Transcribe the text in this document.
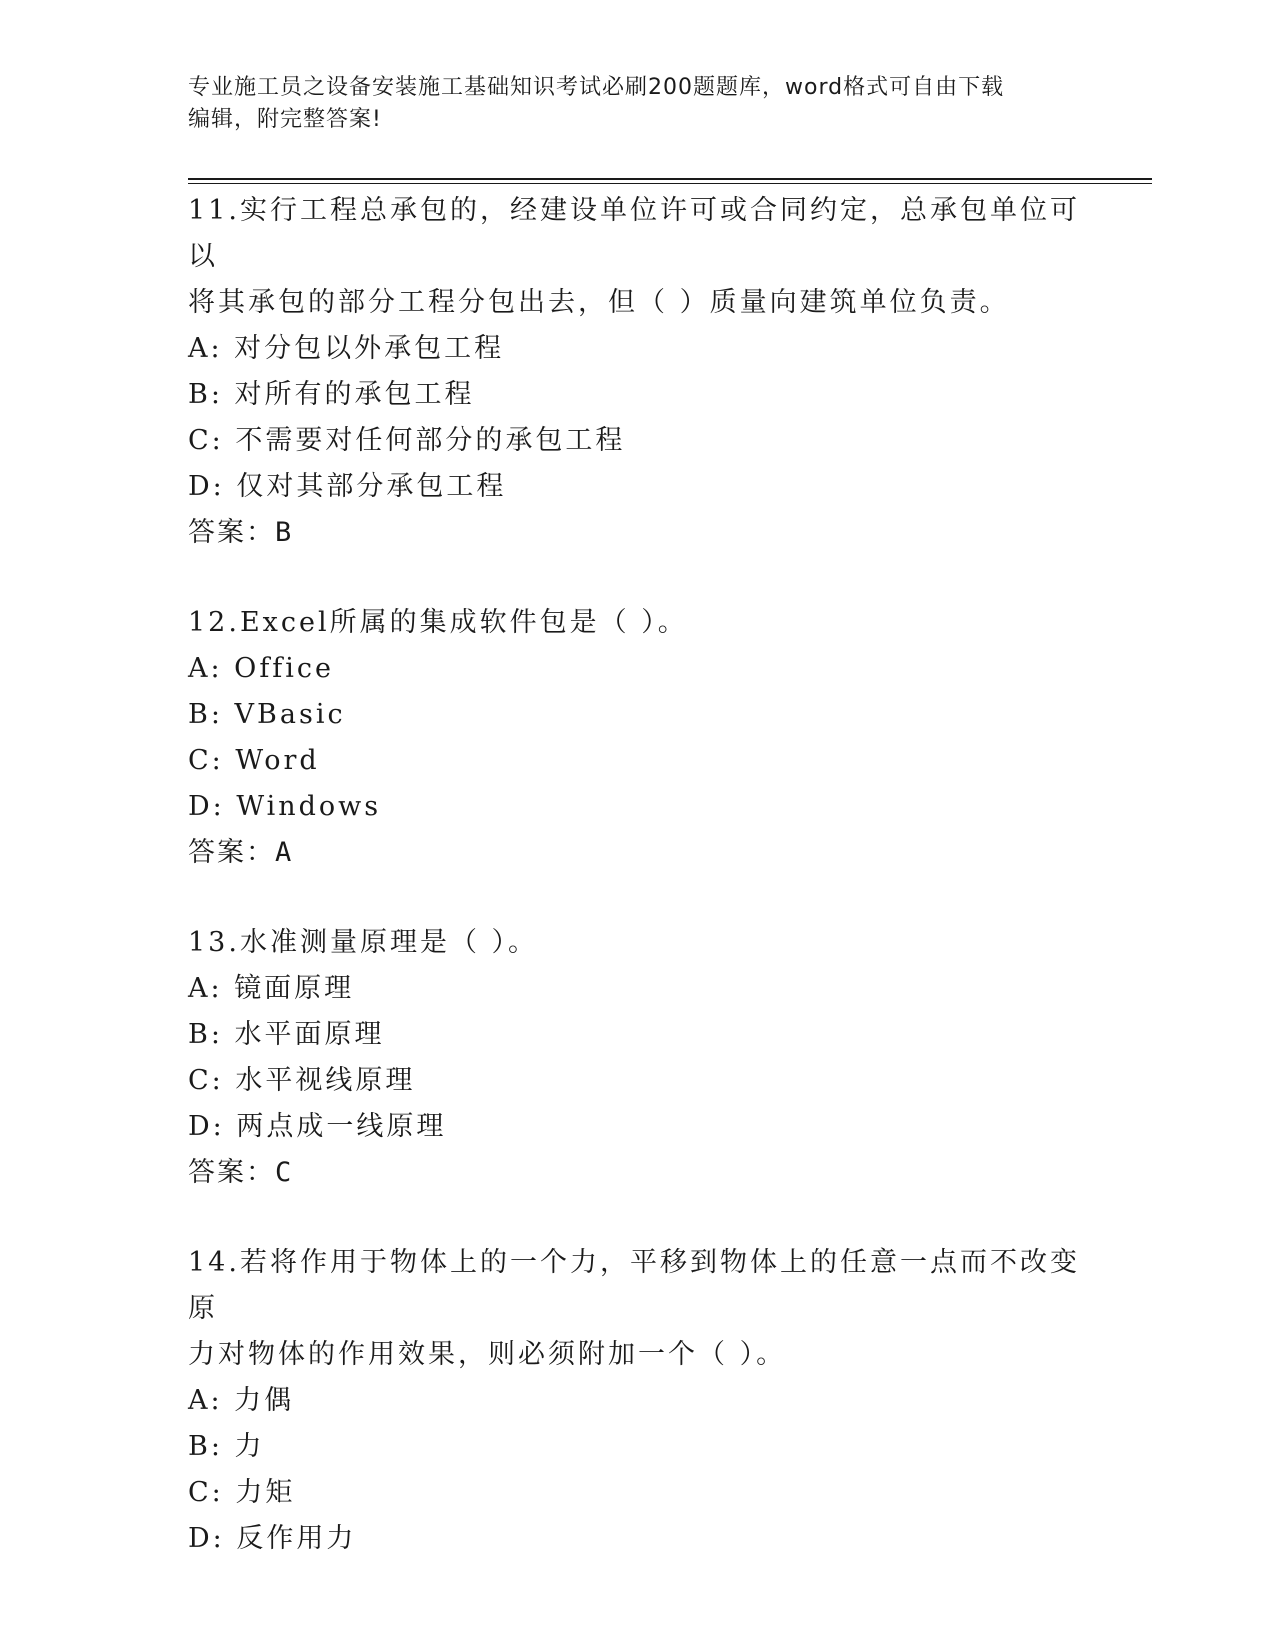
专业施工员之设备安装施工基础知识考试必刷200题题库，word格式可自由下载
编辑，附完整答案!
11.实行工程总承包的，经建设单位许可或合同约定，总承包单位可以
将其承包的部分工程分包出去，但（ ）质量向建筑单位负责。
A: 对分包以外承包工程
B: 对所有的承包工程
C: 不需要对任何部分的承包工程
D: 仅对其部分承包工程
答案：B
12.Excel所属的集成软件包是（ ）。
A: Office
B: VBasic
C: Word
D: Windows
答案：A
13.水准测量原理是（ ）。
A: 镜面原理
B: 水平面原理
C: 水平视线原理
D: 两点成一线原理
答案：C
14.若将作用于物体上的一个力，平移到物体上的任意一点而不改变原
力对物体的作用效果，则必须附加一个（ ）。
A: 力偶
B: 力
C: 力矩
D: 反作用力
